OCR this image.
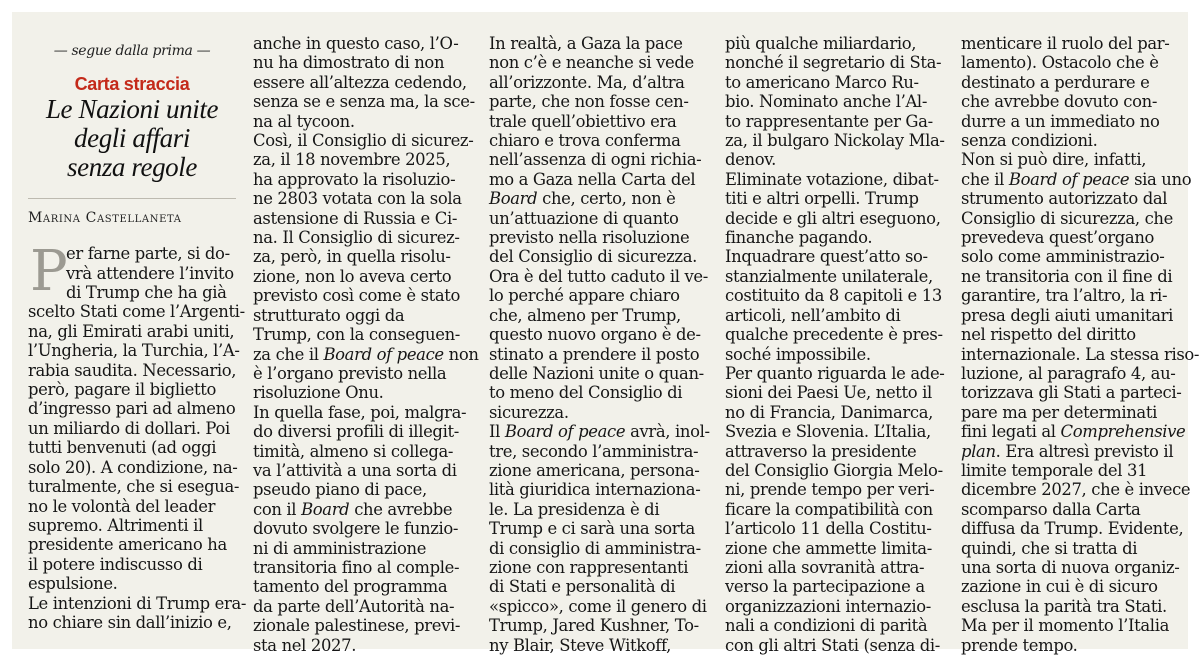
— segue dalla prima —
Carta straccia
Le Nazioni unite
degli affari
senza regole
Marina Castellaneta
P
er farne parte, si do-
vrà attendere l’invito
di Trump che ha già
scelto Stati come l’Argenti-
na, gli Emirati arabi uniti,
l’Ungheria, la Turchia, l’A-
rabia saudita. Necessario,
però, pagare il biglietto
d’ingresso pari ad almeno
un miliardo di dollari. Poi
tutti benvenuti (ad oggi
solo 20). A condizione, na-
turalmente, che si esegua-
no le volontà del leader
supremo. Altrimenti il
presidente americano ha
il potere indiscusso di
espulsione.
Le intenzioni di Trump era-
no chiare sin dall’inizio e,
anche in questo caso, l’O-
nu ha dimostrato di non
essere all’altezza cedendo,
senza se e senza ma, la sce-
na al tycoon.
Così, il Consiglio di sicurez-
za, il 18 novembre 2025,
ha approvato la risoluzio-
ne 2803 votata con la sola
astensione di Russia e Ci-
na. Il Consiglio di sicurez-
za, però, in quella risolu-
zione, non lo aveva certo
previsto così come è stato
strutturato oggi da
Trump, con la conseguen-
za che il Board of peace non
è l’organo previsto nella
risoluzione Onu.
In quella fase, poi, malgra-
do diversi profili di illegit-
timità, almeno si collega-
va l’attività a una sorta di
pseudo piano di pace,
con il Board che avrebbe
dovuto svolgere le funzio-
ni di amministrazione
transitoria fino al comple-
tamento del programma
da parte dell’Autorità na-
zionale palestinese, previ-
sta nel 2027.
In realtà, a Gaza la pace
non c’è e neanche si vede
all’orizzonte. Ma, d’altra
parte, che non fosse cen-
trale quell’obiettivo era
chiaro e trova conferma
nell’assenza di ogni richia-
mo a Gaza nella Carta del
Board che, certo, non è
un’attuazione di quanto
previsto nella risoluzione
del Consiglio di sicurezza.
Ora è del tutto caduto il ve-
lo perché appare chiaro
che, almeno per Trump,
questo nuovo organo è de-
stinato a prendere il posto
delle Nazioni unite o quan-
to meno del Consiglio di
sicurezza.
Il Board of peace avrà, inol-
tre, secondo l’amministra-
zione americana, persona-
lità giuridica internaziona-
le. La presidenza è di
Trump e ci sarà una sorta
di consiglio di amministra-
zione con rappresentanti
di Stati e personalità di
«spicco», come il genero di
Trump, Jared Kushner, To-
ny Blair, Steve Witkoff,
più qualche miliardario,
nonché il segretario di Sta-
to americano Marco Ru-
bio. Nominato anche l’Al-
to rappresentante per Ga-
za, il bulgaro Nickolay Mla-
denov.
Eliminate votazione, dibat-
titi e altri orpelli. Trump
decide e gli altri eseguono,
finanche pagando.
Inquadrare quest’atto so-
stanzialmente unilaterale,
costituito da 8 capitoli e 13
articoli, nell’ambito di
qualche precedente è pres-
soché impossibile.
Per quanto riguarda le ade-
sioni dei Paesi Ue, netto il
no di Francia, Danimarca,
Svezia e Slovenia. L’Italia,
attraverso la presidente
del Consiglio Giorgia Melo-
ni, prende tempo per veri-
ficare la compatibilità con
l’articolo 11 della Costitu-
zione che ammette limita-
zioni alla sovranità attra-
verso la partecipazione a
organizzazioni internazio-
nali a condizioni di parità
con gli altri Stati (senza di-
menticare il ruolo del par-
lamento). Ostacolo che è
destinato a perdurare e
che avrebbe dovuto con-
durre a un immediato no
senza condizioni.
Non si può dire, infatti,
che il Board of peace sia uno
strumento autorizzato dal
Consiglio di sicurezza, che
prevedeva quest’organo
solo come amministrazio-
ne transitoria con il fine di
garantire, tra l’altro, la ri-
presa degli aiuti umanitari
nel rispetto del diritto
internazionale. La stessa riso-
luzione, al paragrafo 4, au-
torizzava gli Stati a parteci-
pare ma per determinati
fini legati al Comprehensive
plan. Era altresì previsto il
limite temporale del 31
dicembre 2027, che è invece
scomparso dalla Carta
diffusa da Trump. Evidente,
quindi, che si tratta di
una sorta di nuova organiz-
zazione in cui è di sicuro
esclusa la parità tra Stati.
Ma per il momento l’Italia
prende tempo.
